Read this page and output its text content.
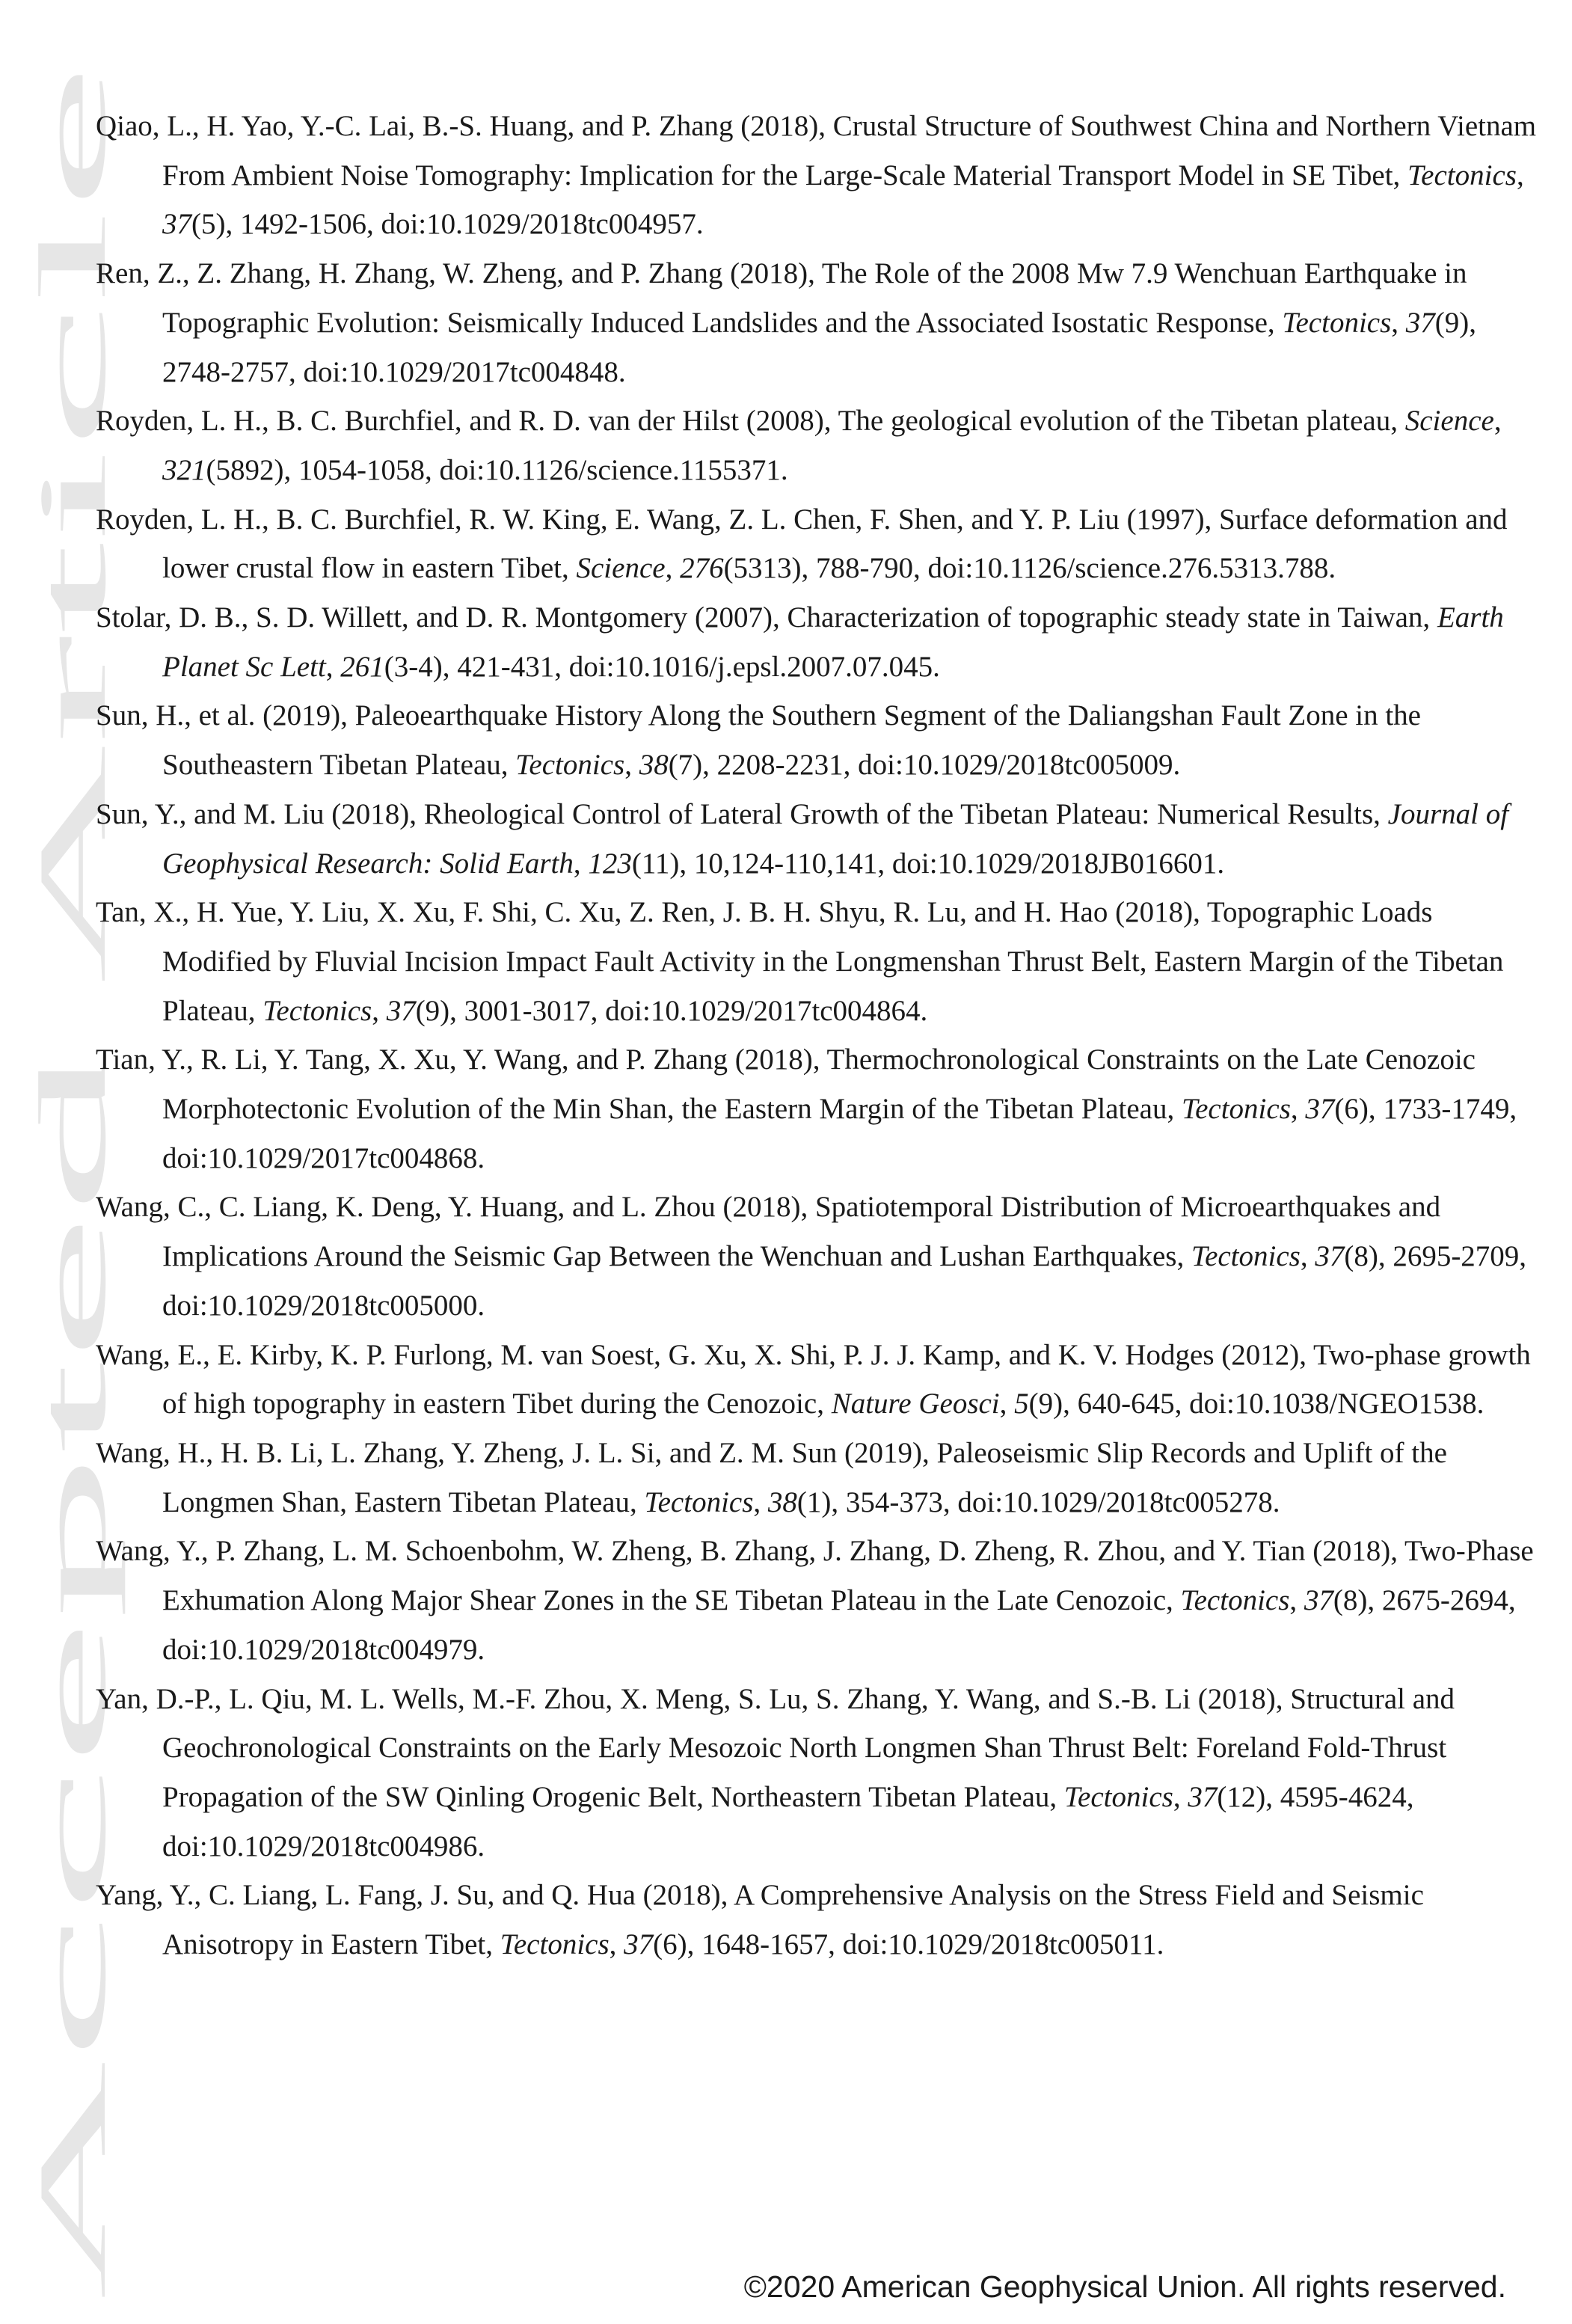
Accepted Article

Qiao, L., H. Yao, Y.-C. Lai, B.-S. Huang, and P. Zhang (2018), Crustal Structure of Southwest China and Northern Vietnam From Ambient Noise Tomography: Implication for the Large-Scale Material Transport Model in SE Tibet, Tectonics, 37(5), 1492-1506, doi:10.1029/2018tc004957.

Ren, Z., Z. Zhang, H. Zhang, W. Zheng, and P. Zhang (2018), The Role of the 2008 Mw 7.9 Wenchuan Earthquake in Topographic Evolution: Seismically Induced Landslides and the Associated Isostatic Response, Tectonics, 37(9), 2748-2757, doi:10.1029/2017tc004848.

Royden, L. H., B. C. Burchfiel, and R. D. van der Hilst (2008), The geological evolution of the Tibetan plateau, Science, 321(5892), 1054-1058, doi:10.1126/science.1155371.

Royden, L. H., B. C. Burchfiel, R. W. King, E. Wang, Z. L. Chen, F. Shen, and Y. P. Liu (1997), Surface deformation and lower crustal flow in eastern Tibet, Science, 276(5313), 788-790, doi:10.1126/science.276.5313.788.

Stolar, D. B., S. D. Willett, and D. R. Montgomery (2007), Characterization of topographic steady state in Taiwan, Earth Planet Sc Lett, 261(3-4), 421-431, doi:10.1016/j.epsl.2007.07.045.

Sun, H., et al. (2019), Paleoearthquake History Along the Southern Segment of the Daliangshan Fault Zone in the Southeastern Tibetan Plateau, Tectonics, 38(7), 2208-2231, doi:10.1029/2018tc005009.

Sun, Y., and M. Liu (2018), Rheological Control of Lateral Growth of the Tibetan Plateau: Numerical Results, Journal of Geophysical Research: Solid Earth, 123(11), 10,124-110,141, doi:10.1029/2018JB016601.

Tan, X., H. Yue, Y. Liu, X. Xu, F. Shi, C. Xu, Z. Ren, J. B. H. Shyu, R. Lu, and H. Hao (2018), Topographic Loads Modified by Fluvial Incision Impact Fault Activity in the Longmenshan Thrust Belt, Eastern Margin of the Tibetan Plateau, Tectonics, 37(9), 3001-3017, doi:10.1029/2017tc004864.

Tian, Y., R. Li, Y. Tang, X. Xu, Y. Wang, and P. Zhang (2018), Thermochronological Constraints on the Late Cenozoic Morphotectonic Evolution of the Min Shan, the Eastern Margin of the Tibetan Plateau, Tectonics, 37(6), 1733-1749, doi:10.1029/2017tc004868.

Wang, C., C. Liang, K. Deng, Y. Huang, and L. Zhou (2018), Spatiotemporal Distribution of Microearthquakes and Implications Around the Seismic Gap Between the Wenchuan and Lushan Earthquakes, Tectonics, 37(8), 2695-2709, doi:10.1029/2018tc005000.

Wang, E., E. Kirby, K. P. Furlong, M. van Soest, G. Xu, X. Shi, P. J. J. Kamp, and K. V. Hodges (2012), Two-phase growth of high topography in eastern Tibet during the Cenozoic, Nature Geosci, 5(9), 640-645, doi:10.1038/NGEO1538.

Wang, H., H. B. Li, L. Zhang, Y. Zheng, J. L. Si, and Z. M. Sun (2019), Paleoseismic Slip Records and Uplift of the Longmen Shan, Eastern Tibetan Plateau, Tectonics, 38(1), 354-373, doi:10.1029/2018tc005278.

Wang, Y., P. Zhang, L. M. Schoenbohm, W. Zheng, B. Zhang, J. Zhang, D. Zheng, R. Zhou, and Y. Tian (2018), Two-Phase Exhumation Along Major Shear Zones in the SE Tibetan Plateau in the Late Cenozoic, Tectonics, 37(8), 2675-2694, doi:10.1029/2018tc004979.

Yan, D.-P., L. Qiu, M. L. Wells, M.-F. Zhou, X. Meng, S. Lu, S. Zhang, Y. Wang, and S.-B. Li (2018), Structural and Geochronological Constraints on the Early Mesozoic North Longmen Shan Thrust Belt: Foreland Fold-Thrust Propagation of the SW Qinling Orogenic Belt, Northeastern Tibetan Plateau, Tectonics, 37(12), 4595-4624, doi:10.1029/2018tc004986.

Yang, Y., C. Liang, L. Fang, J. Su, and Q. Hua (2018), A Comprehensive Analysis on the Stress Field and Seismic Anisotropy in Eastern Tibet, Tectonics, 37(6), 1648-1657, doi:10.1029/2018tc005011.

©2020 American Geophysical Union. All rights reserved.
